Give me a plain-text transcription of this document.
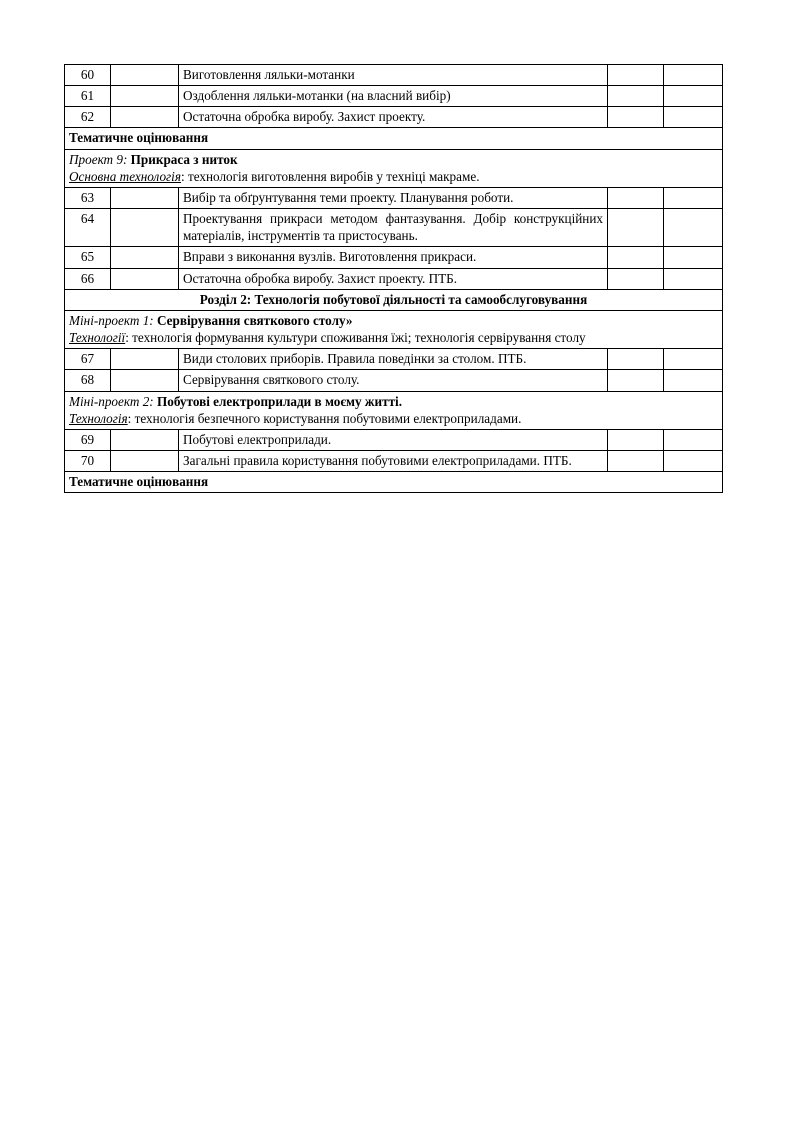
60		Виготовлення ляльки-мотанки		
61		Оздоблення ляльки-мотанки (на власний вибір)		
62		Остаточна обробка виробу. Захист проекту.		
Тематичне оцінювання				

Проект 9: Прикраса з ниток
Основна технологія: технологія виготовлення виробів у техніці макраме.				

63		Вибір та обґрунтування теми проекту. Планування роботи.		
64		Проектування прикраси методом фантазування. Добір конструкційних матеріалів, інструментів та пристосувань.		
65		Вправи з виконання вузлів. Виготовлення прикраси.		
66		Остаточна обробка виробу. Захист проекту. ПТБ.		
Розділ 2: Технологія побутової діяльності та самообслуговування				

Міні-проект 1: Сервірування святкового столу»
Технології: технологія формування культури споживання їжі; технологія сервірування столу				

67		Види столових приборів. Правила поведінки за столом. ПТБ.		
68		Сервірування святкового столу.		

Міні-проект 2: Побутові електроприлади в моєму житті.
Технологія: технологія безпечного користування побутовими електроприладами.				

69		Побутові електроприлади.		
70		Загальні правила користування побутовими електроприладами. ПТБ.		
Тематичне оцінювання				
